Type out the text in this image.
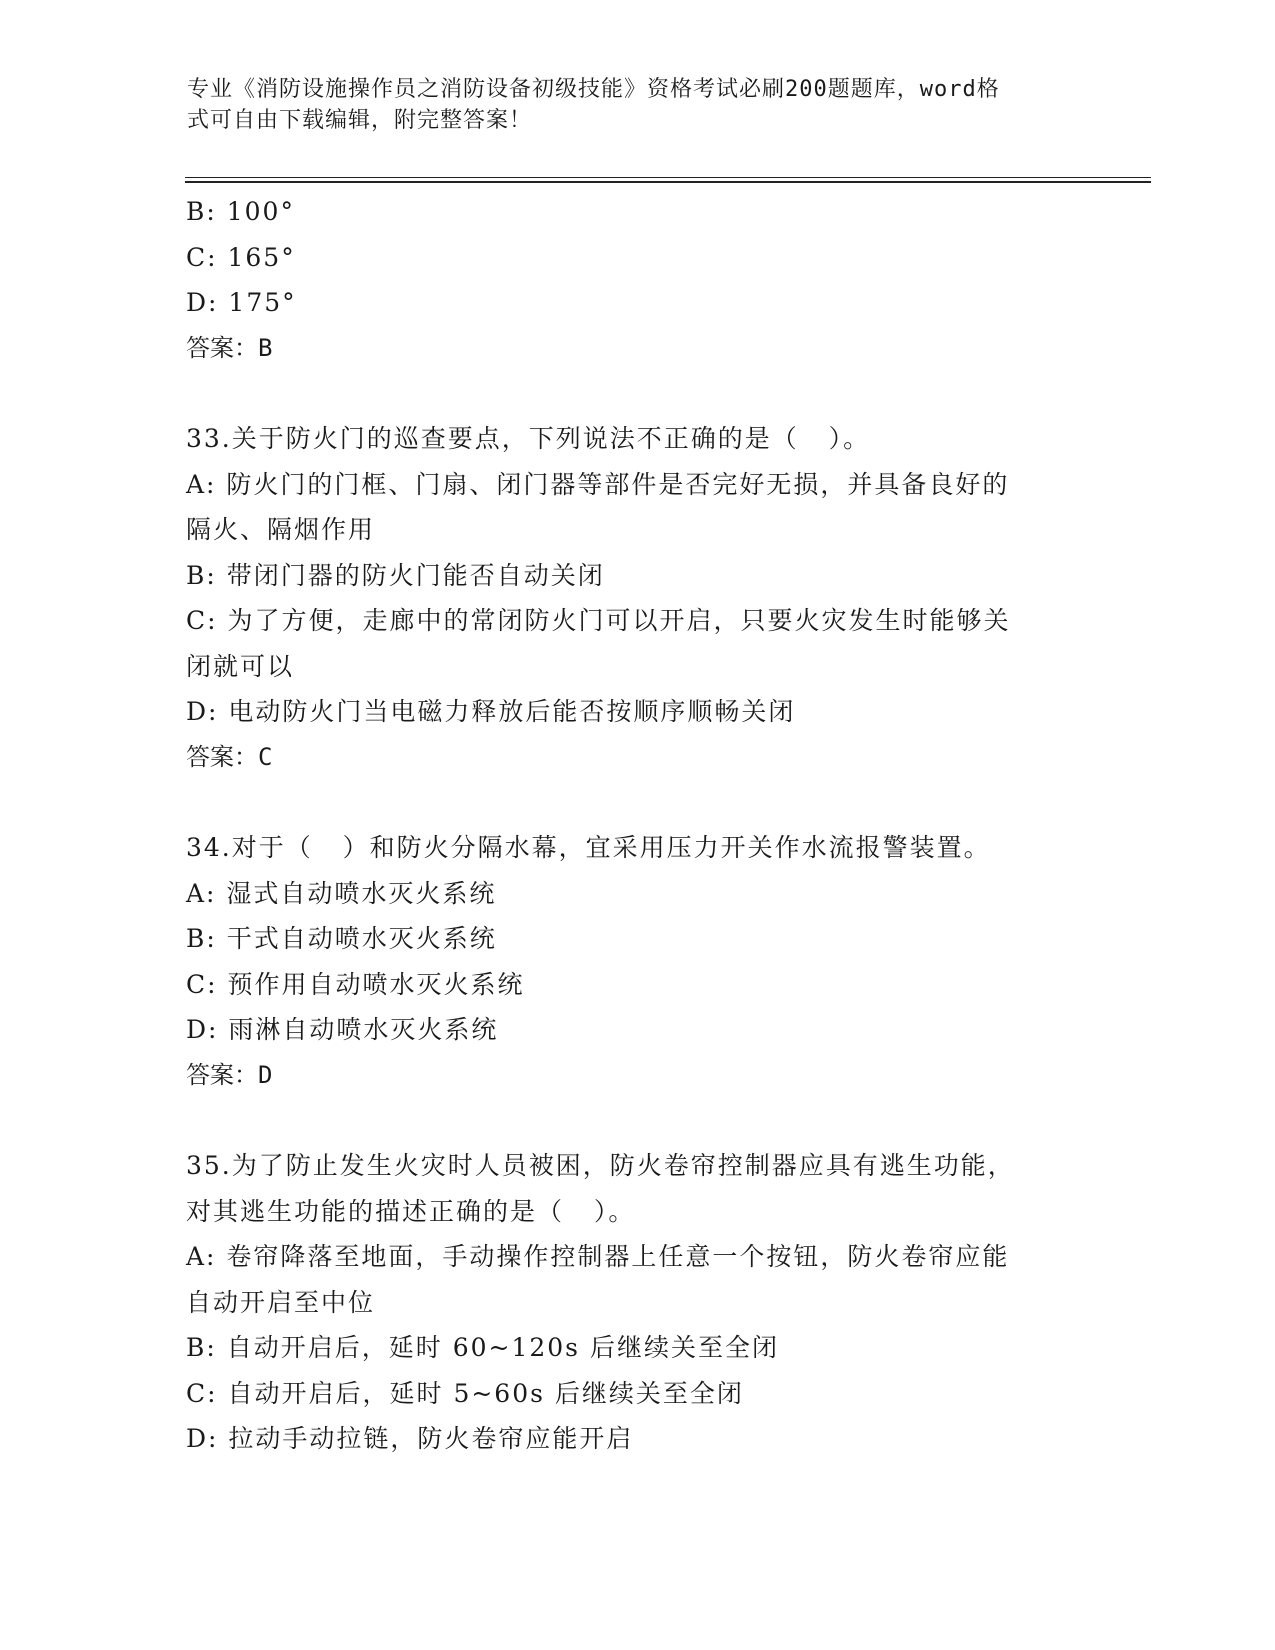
专业《消防设施操作员之消防设备初级技能》资格考试必刷200题题库，word格
式可自由下载编辑，附完整答案！

B: 100°

C: 165°

D: 175°

答案：B

33.关于防火门的巡查要点，下列说法不正确的是（   ）。

A: 防火门的门框、门扇、闭门器等部件是否完好无损，并具备良好的

隔火、隔烟作用

B: 带闭门器的防火门能否自动关闭

C: 为了方便，走廊中的常闭防火门可以开启，只要火灾发生时能够关

闭就可以

D: 电动防火门当电磁力释放后能否按顺序顺畅关闭

答案：C

34.对于（   ）和防火分隔水幕，宜采用压力开关作水流报警装置。

A: 湿式自动喷水灭火系统

B: 干式自动喷水灭火系统

C: 预作用自动喷水灭火系统

D: 雨淋自动喷水灭火系统

答案：D

35.为了防止发生火灾时人员被困，防火卷帘控制器应具有逃生功能，

对其逃生功能的描述正确的是（   ）。

A: 卷帘降落至地面，手动操作控制器上任意一个按钮，防火卷帘应能

自动开启至中位

B: 自动开启后，延时 60~120s 后继续关至全闭

C: 自动开启后，延时 5~60s 后继续关至全闭

D: 拉动手动拉链，防火卷帘应能开启
